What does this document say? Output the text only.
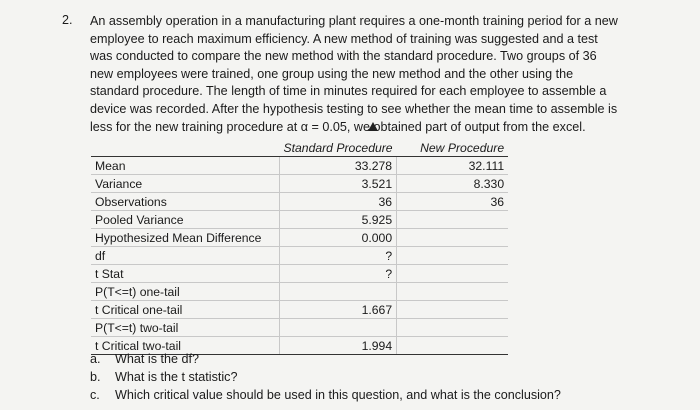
2. An assembly operation in a manufacturing plant requires a one-month training period for a new
employee to reach maximum efficiency. A new method of training was suggested and a test
was conducted to compare the new method with the standard procedure. Two groups of 36
new employees were trained, one group using the new method and the other using the
standard procedure. The length of time in minutes required for each employee to assemble a
device was recorded. After the hypothesis testing to see whether the mean time to assemble is
less for the new training procedure at α = 0.05, we obtained part of output from the excel.

	Standard Procedure	New Procedure
Mean	33.278	32.111
Variance	3.521	8.330
Observations	36	36
Pooled Variance	5.925	
Hypothesized Mean Difference	0.000	
df	?	
t Stat	?	
P(T<=t) one-tail		
t Critical one-tail	1.667	
P(T<=t) two-tail		
t Critical two-tail	1.994	
a. What is the df?
b. What is the t statistic?
c. Which critical value should be used in this question, and what is the conclusion?
